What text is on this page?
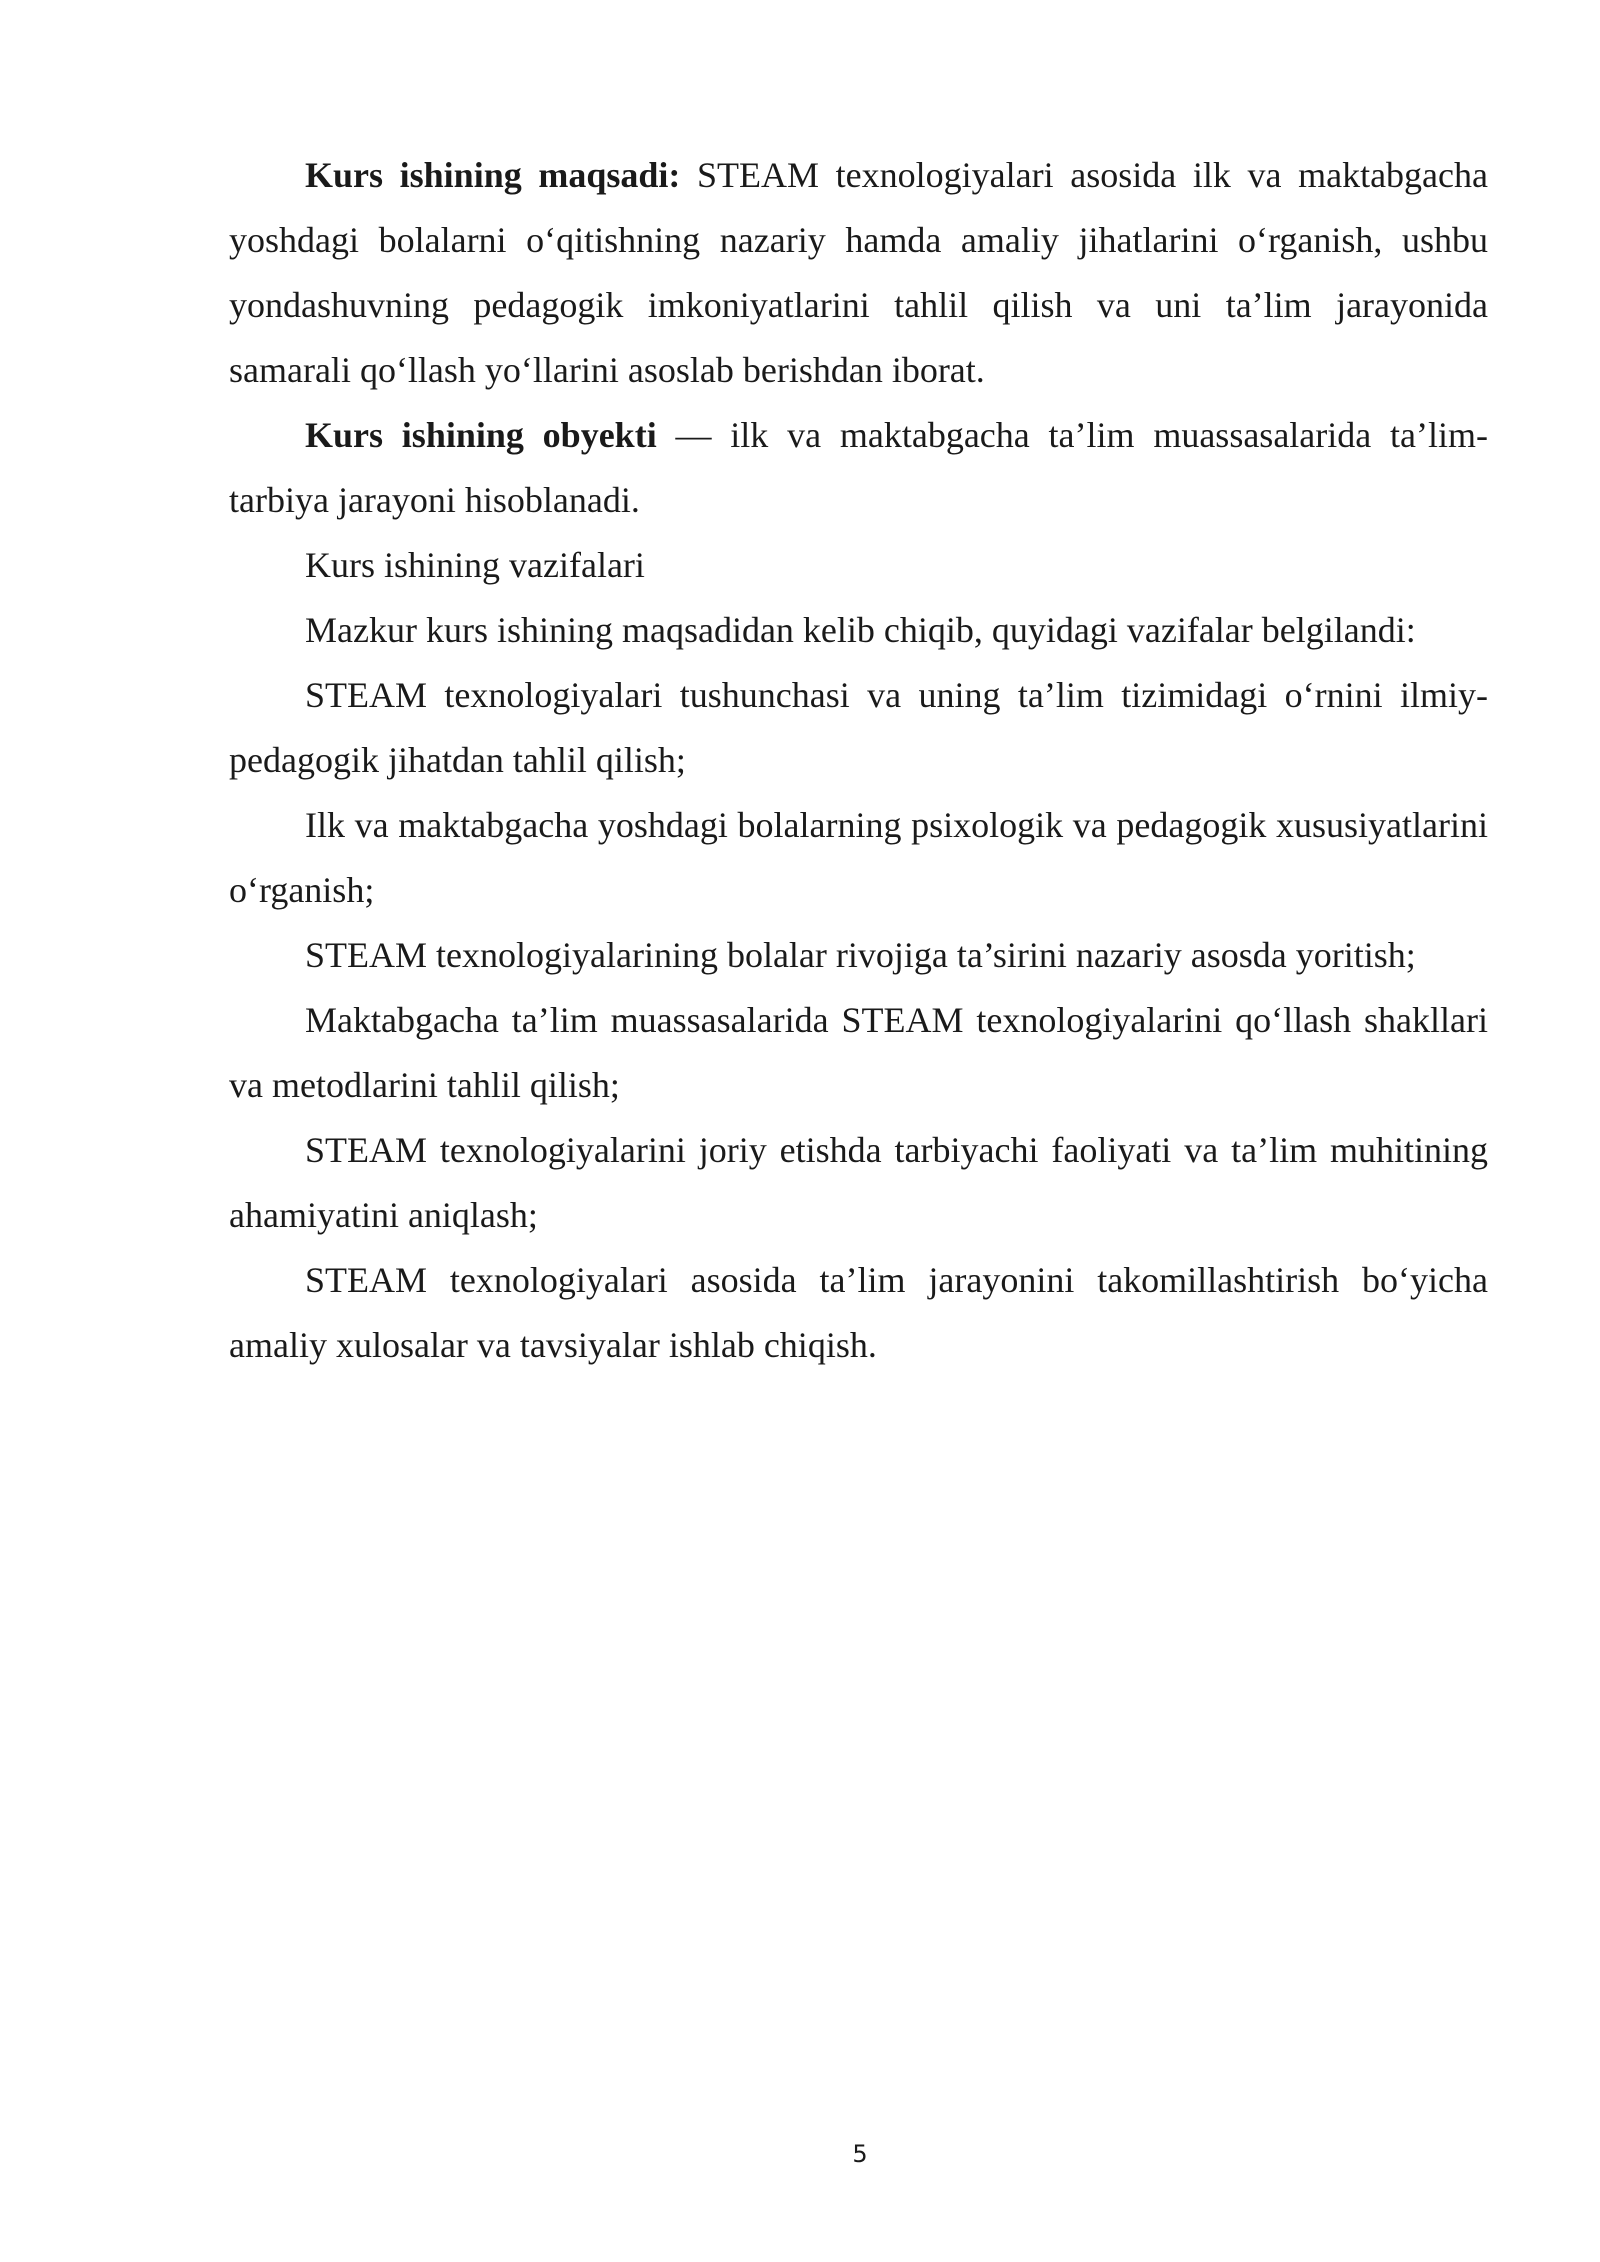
Kurs ishining maqsadi: STEAM texnologiyalari asosida ilk va maktabgacha yoshdagi bolalarni o‘qitishning nazariy hamda amaliy jihatlarini o‘rganish, ushbu yondashuvning pedagogik imkoniyatlarini tahlil qilish va uni ta’lim jarayonida samarali qo‘llash yo‘llarini asoslab berishdan iborat.

Kurs ishining obyekti — ilk va maktabgacha ta’lim muassasalarida ta’lim-tarbiya jarayoni hisoblanadi.

Kurs ishining vazifalari

Mazkur kurs ishining maqsadidan kelib chiqib, quyidagi vazifalar belgilandi:

STEAM texnologiyalari tushunchasi va uning ta’lim tizimidagi o‘rnini ilmiy-pedagogik jihatdan tahlil qilish;

Ilk va maktabgacha yoshdagi bolalarning psixologik va pedagogik xususiyatlarini o‘rganish;

STEAM texnologiyalarining bolalar rivojiga ta’sirini nazariy asosda yoritish;

Maktabgacha ta’lim muassasalarida STEAM texnologiyalarini qo‘llash shakllari va metodlarini tahlil qilish;

STEAM texnologiyalarini joriy etishda tarbiyachi faoliyati va ta’lim muhitining ahamiyatini aniqlash;

STEAM texnologiyalari asosida ta’lim jarayonini takomillashtirish bo‘yicha amaliy xulosalar va tavsiyalar ishlab chiqish.

5
